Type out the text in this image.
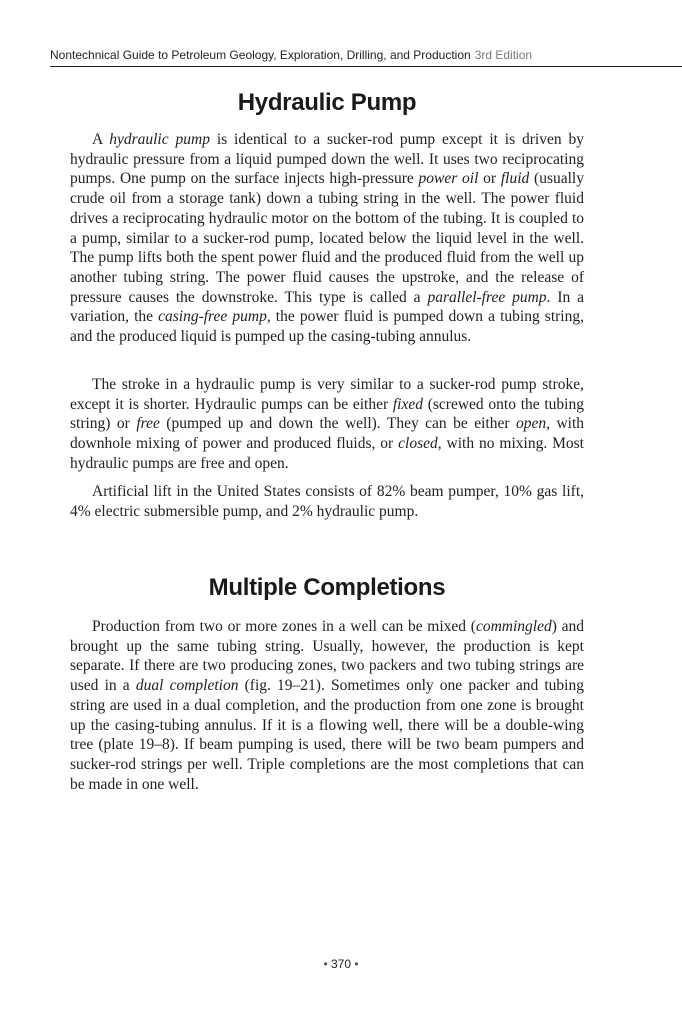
Nontechnical Guide to Petroleum Geology, Exploration, Drilling, and Production 3rd Edition
Hydraulic Pump

A hydraulic pump is identical to a sucker-rod pump except it is driven by hydraulic pressure from a liquid pumped down the well. It uses two reciprocating pumps. One pump on the surface injects high-pressure power oil or fluid (usually crude oil from a storage tank) down a tubing string in the well. The power fluid drives a reciprocating hydraulic motor on the bottom of the tubing. It is coupled to a pump, similar to a sucker-rod pump, located below the liquid level in the well. The pump lifts both the spent power fluid and the produced fluid from the well up another tubing string. The power fluid causes the upstroke, and the release of pressure causes the downstroke. This type is called a parallel-free pump. In a variation, the casing-free pump, the power fluid is pumped down a tubing string, and the produced liquid is pumped up the casing-tubing annulus.

The stroke in a hydraulic pump is very similar to a sucker-rod pump stroke, except it is shorter. Hydraulic pumps can be either fixed (screwed onto the tubing string) or free (pumped up and down the well). They can be either open, with downhole mixing of power and produced fluids, or closed, with no mixing. Most hydraulic pumps are free and open.

Artificial lift in the United States consists of 82% beam pumper, 10% gas lift, 4% electric submersible pump, and 2% hydraulic pump.

Multiple Completions

Production from two or more zones in a well can be mixed (commingled) and brought up the same tubing string. Usually, however, the production is kept separate. If there are two producing zones, two packers and two tubing strings are used in a dual completion (fig. 19–21). Sometimes only one packer and tubing string are used in a dual completion, and the production from one zone is brought up the casing-tubing annulus. If it is a flowing well, there will be a double-wing tree (plate 19–8). If beam pumping is used, there will be two beam pumpers and sucker-rod strings per well. Triple completions are the most completions that can be made in one well.

• 370 •
